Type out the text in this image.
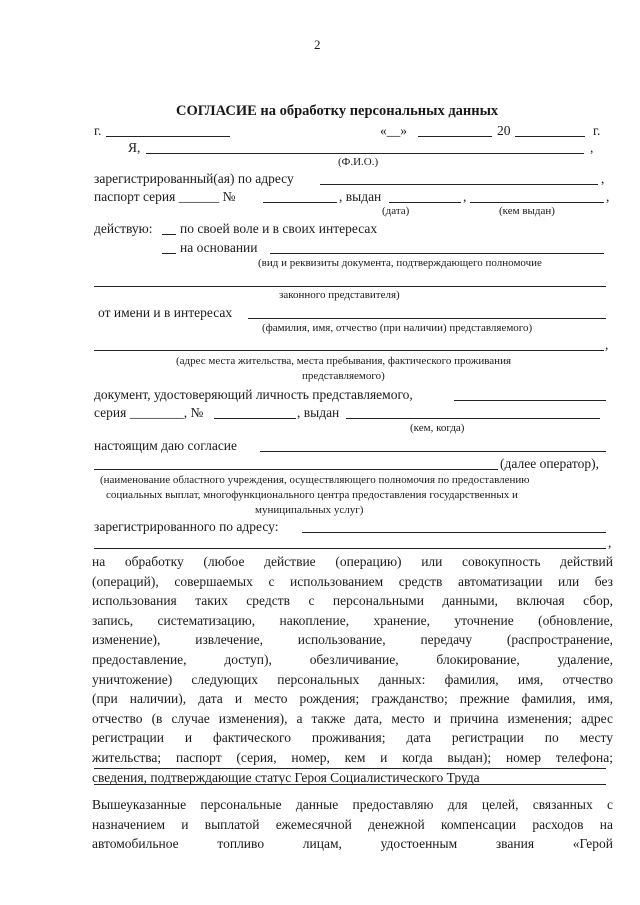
2
СОГЛАСИЕ на обработку персональных данных
г.	«__»	20	г.
Я,	,
(Ф.И.О.)
зарегистрированный(ая) по адресу	,
паспорт серия ______ №	, выдан	,	,
(дата)	(кем выдан)
действую: по своей воле и в своих интересах
на основании
(вид и реквизиты документа, подтверждающего полномочие
законного представителя)
от имени и в интересах
(фамилия, имя, отчество (при наличии) представляемого)
,
(адрес места жительства, места пребывания, фактического проживания
представляемого)
документ, удостоверяющий личность представляемого,
серия ________, №	, выдан
(кем, когда)
настоящим даю согласие
(далее оператор),
(наименование областного учреждения, осуществляющего полномочия по предоставлению
социальных выплат, многофункционального центра предоставления государственных и
муниципальных услуг)
зарегистрированного по адресу:
,
на обработку (любое действие (операцию) или совокупность действий
(операций), совершаемых с использованием средств автоматизации или без
использования таких средств с персональными данными, включая сбор,
запись, систематизацию, накопление, хранение, уточнение (обновление,
изменение), извлечение, использование, передачу (распространение,
предоставление, доступ), обезличивание, блокирование, удаление,
уничтожение) следующих персональных данных: фамилия, имя, отчество
(при наличии), дата и место рождения; гражданство; прежние фамилия, имя,
отчество (в случае изменения), а также дата, место и причина изменения; адрес
регистрации и фактического проживания; дата регистрации по месту
жительства; паспорт (серия, номер, кем и когда выдан); номер телефона;
сведения, подтверждающие статус Героя Социалистического Труда
Вышеуказанные персональные данные предоставляю для целей, связанных с
назначением и выплатой ежемесячной денежной компенсации расходов на
автомобильное топливо лицам, удостоенным звания «Герой
